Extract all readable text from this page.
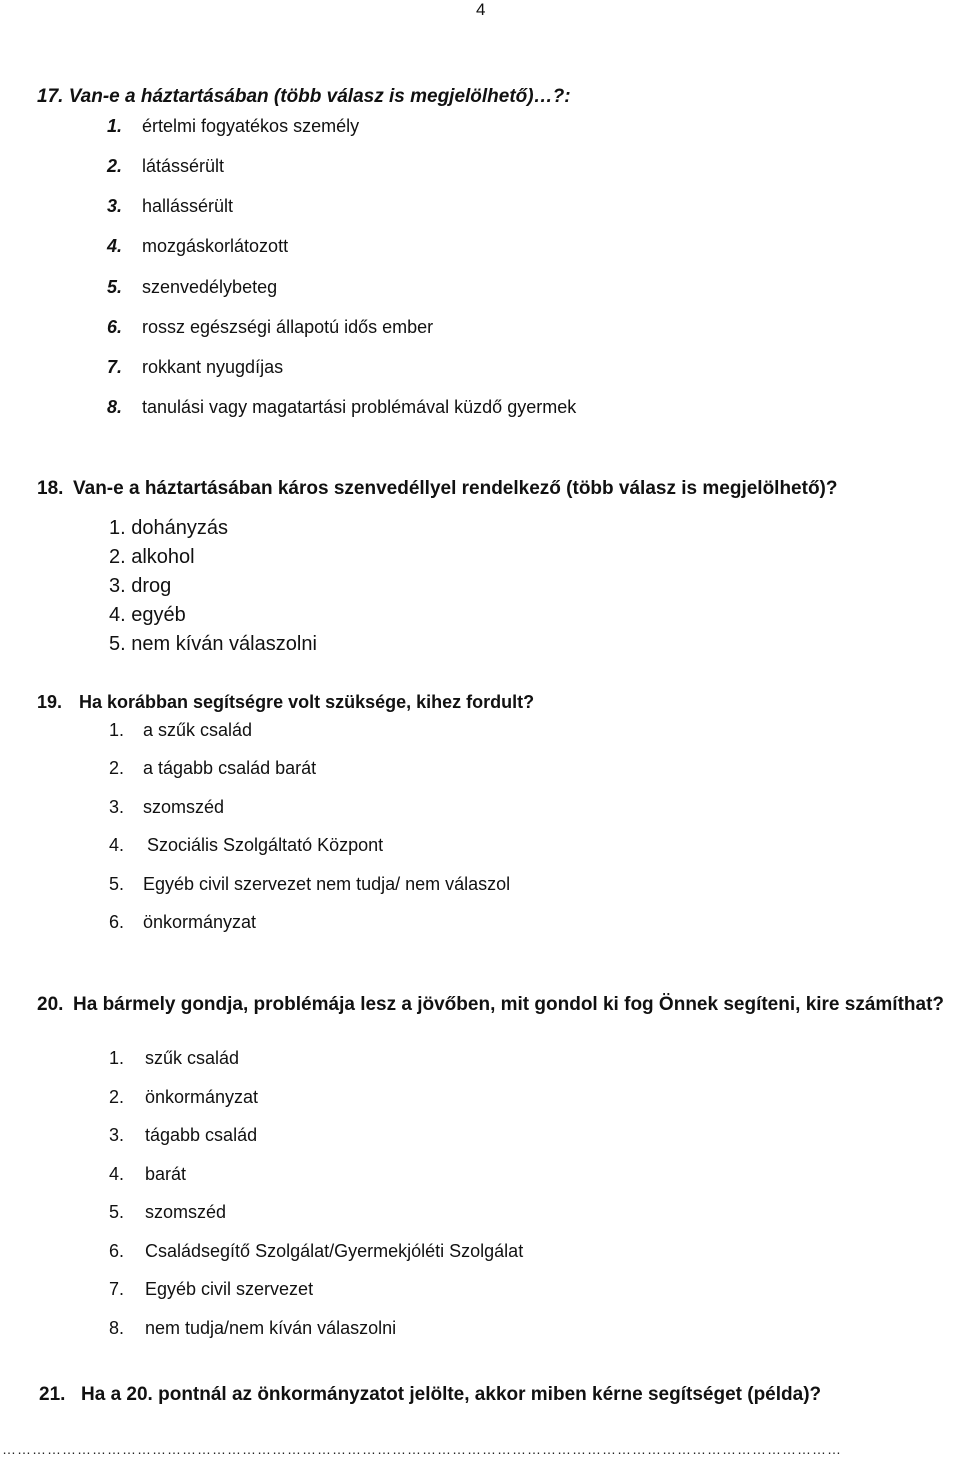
4
17. Van-e a háztartásában (több válasz is megjelölhető)…?:
1. értelmi fogyatékos személy
2. látássérült
3. hallássérült
4. mozgáskorlátozott
5. szenvedélybeteg
6. rossz egészségi állapotú idős ember
7. rokkant nyugdíjas
8. tanulási vagy magatartási problémával küzdő gyermek
18. Van-e a háztartásában káros szenvedéllyel rendelkező (több válasz is megjelölhető)?
1. dohányzás
2. alkohol
3. drog
4. egyéb
5. nem kíván válaszolni
19. Ha korábban segítségre volt szüksége, kihez fordult?
1. a szűk család
2. a tágabb család barát
3. szomszéd
4. Szociális Szolgáltató Központ
5. Egyéb civil szervezet nem tudja/ nem válaszol
6. önkormányzat
20. Ha bármely gondja, problémája lesz a jövőben, mit gondol ki fog Önnek segíteni, kire számíthat?
1. szűk család
2. önkormányzat
3. tágabb család
4. barát
5. szomszéd
6. Családsegítő Szolgálat/Gyermekjóléti Szolgálat
7. Egyéb civil szervezet
8. nem tudja/nem kíván válaszolni
21. Ha a 20. pontnál az önkormányzatot jelölte, akkor miben kérne segítséget (példa)?
……………………………………………………………………………………………………………………………………………………
